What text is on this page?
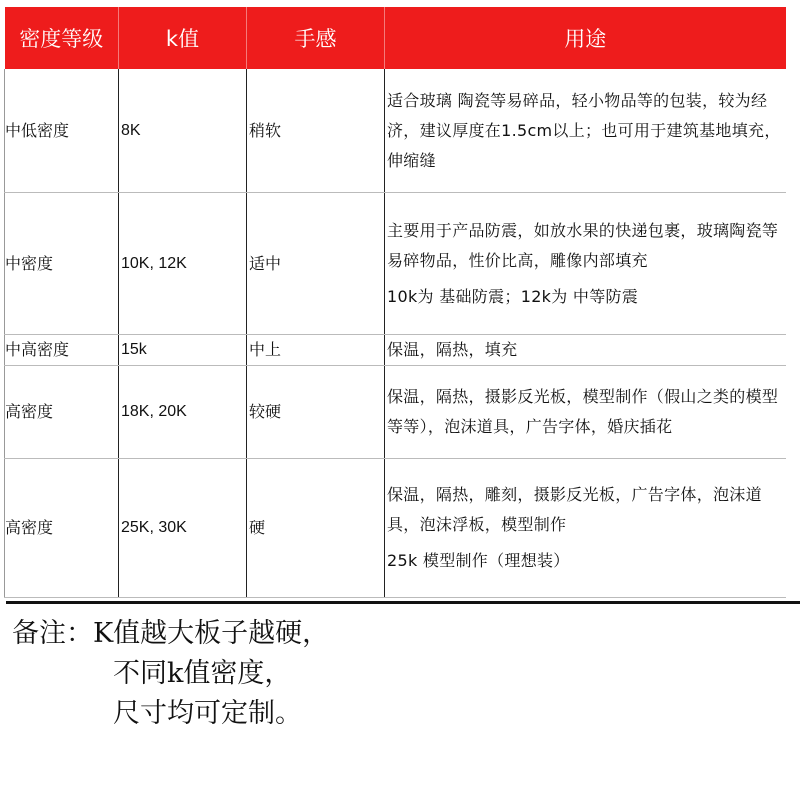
密度等级	k值	手感	用途
中低密度	8K	稍软	适合玻璃 陶瓷等易碎品，轻小物品等的包装，较为经济，建议厚度在1.5cm以上；也可用于建筑基地填充，伸缩缝

中密度	10K, 12K	适中	主要用于产品防震，如放水果的快递包裹，玻璃陶瓷等易碎物品，性价比高，雕像内部填充
10k为 基础防震；12k为 中等防震

中高密度	15k	中上	保温，隔热，填充

高密度	18K, 20K	较硬	保温，隔热，摄影反光板，模型制作（假山之类的模型等等），泡沫道具，广告字体，婚庆插花

高密度	25K, 30K	硬	保温，隔热，雕刻，摄影反光板，广告字体，泡沫道具，泡沫浮板，模型制作
25k 模型制作（理想装）
备注：K值越大板子越硬，
不同k值密度，
尺寸均可定制。
